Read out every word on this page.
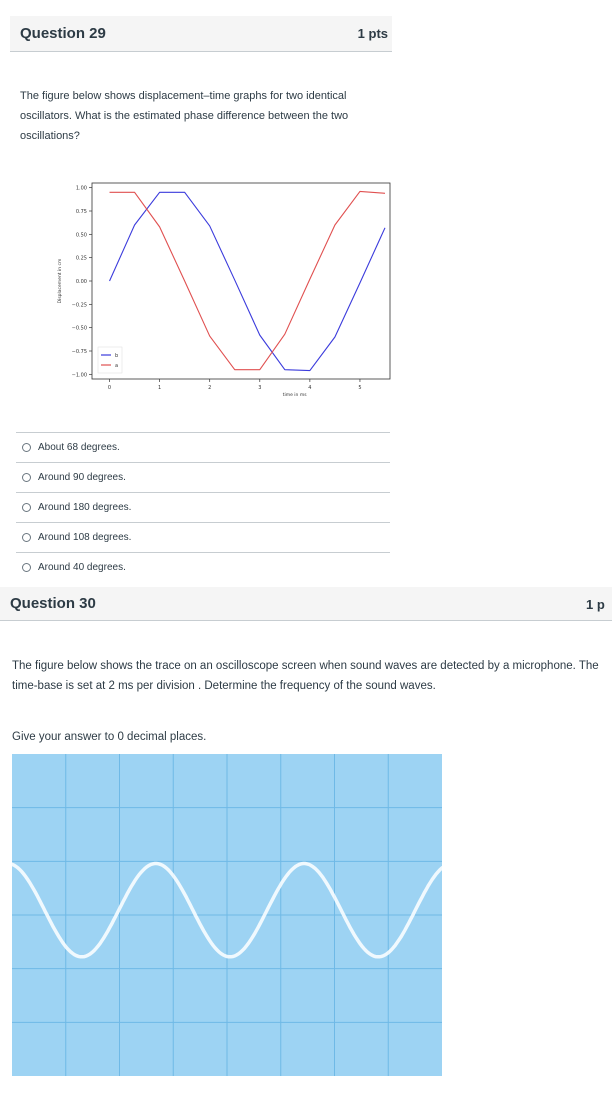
Question 29	1 pts
The figure below shows displacement–time graphs for two identical oscillators. What is the estimated phase difference between the two oscillations?
1.00
0.75
0.50
0.25
0.00
−0.25
−0.50
−0.75
−1.00
0	1	2	3	4	5
time in ms
Displacement in cm
b
a
About 68 degrees.
Around 90 degrees.
Around 180 degrees.
Around 108 degrees.
Around 40 degrees.
Question 30	1 p
The figure below shows the trace on an oscilloscope screen when sound waves are detected by a microphone. The time-base is set at 2 ms per division . Determine the frequency of the sound waves.
Give your answer to 0 decimal places.
